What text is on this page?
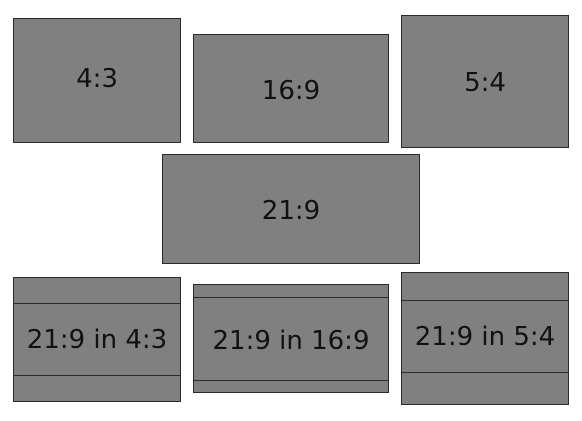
4:3	16:9	5:4
21:9
21:9 in 4:3	21:9 in 16:9	21:9 in 5:4
